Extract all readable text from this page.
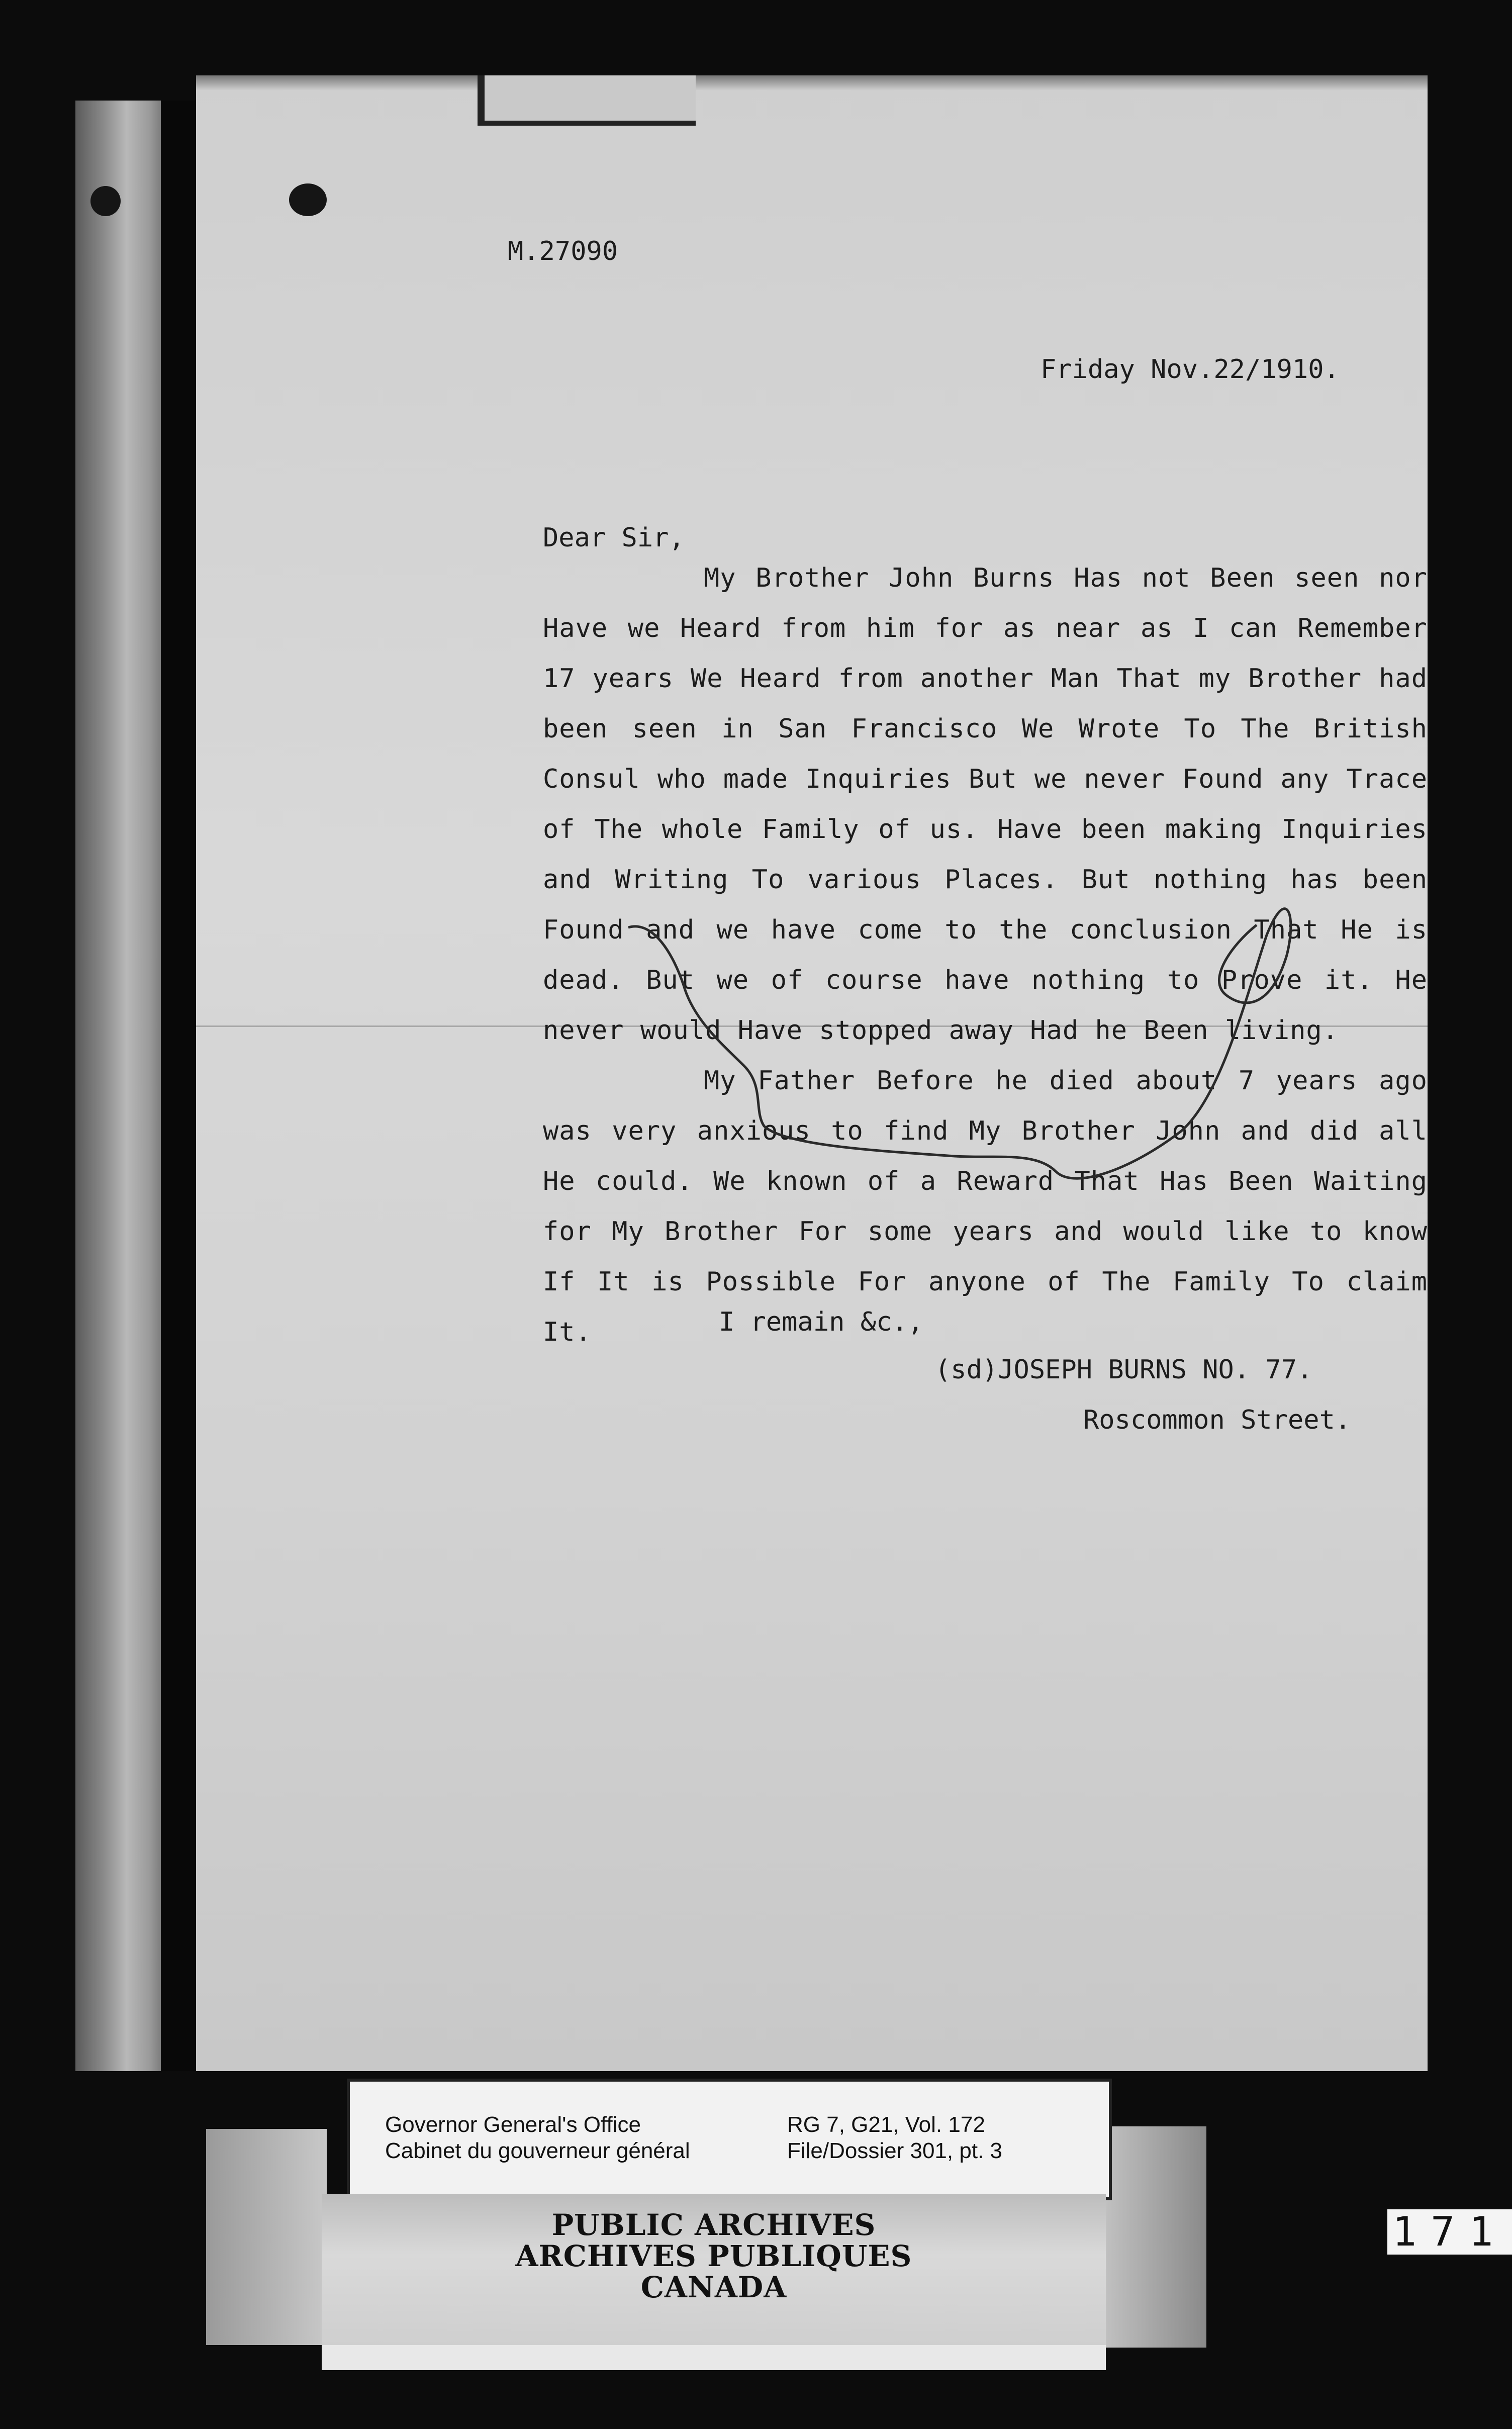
M.27090
Friday Nov.22/1910.
Dear Sir,

My Brother John Burns Has not Been seen nor Have we Heard from him for as near as I can Remember 17 years We Heard from another Man That my Brother had been seen in San Francisco We Wrote To The British Consul who made Inquiries But we never Found any Trace of The whole Family of us. Have been making Inquiries and Writing To various Places. But nothing has been Found and we have come to the conclusion That He is dead. But we of course have nothing to Prove it. He never would Have stopped away Had he Been living.

My Father Before he died about 7 years ago was very anxious to find My Brother John and did all He could. We known of a Reward That Has Been Waiting for My Brother For some years and would like to know If It is Possible For anyone of The Family To claim It.	I remain &c.,
(sd)JOSEPH BURNS NO. 77.
Roscommon Street.
Governor General's Office
Cabinet du gouverneur général
RG 7, G21, Vol. 172
File/Dossier 301, pt. 3
PUBLIC ARCHIVES
ARCHIVES PUBLIQUES
CANADA
171
